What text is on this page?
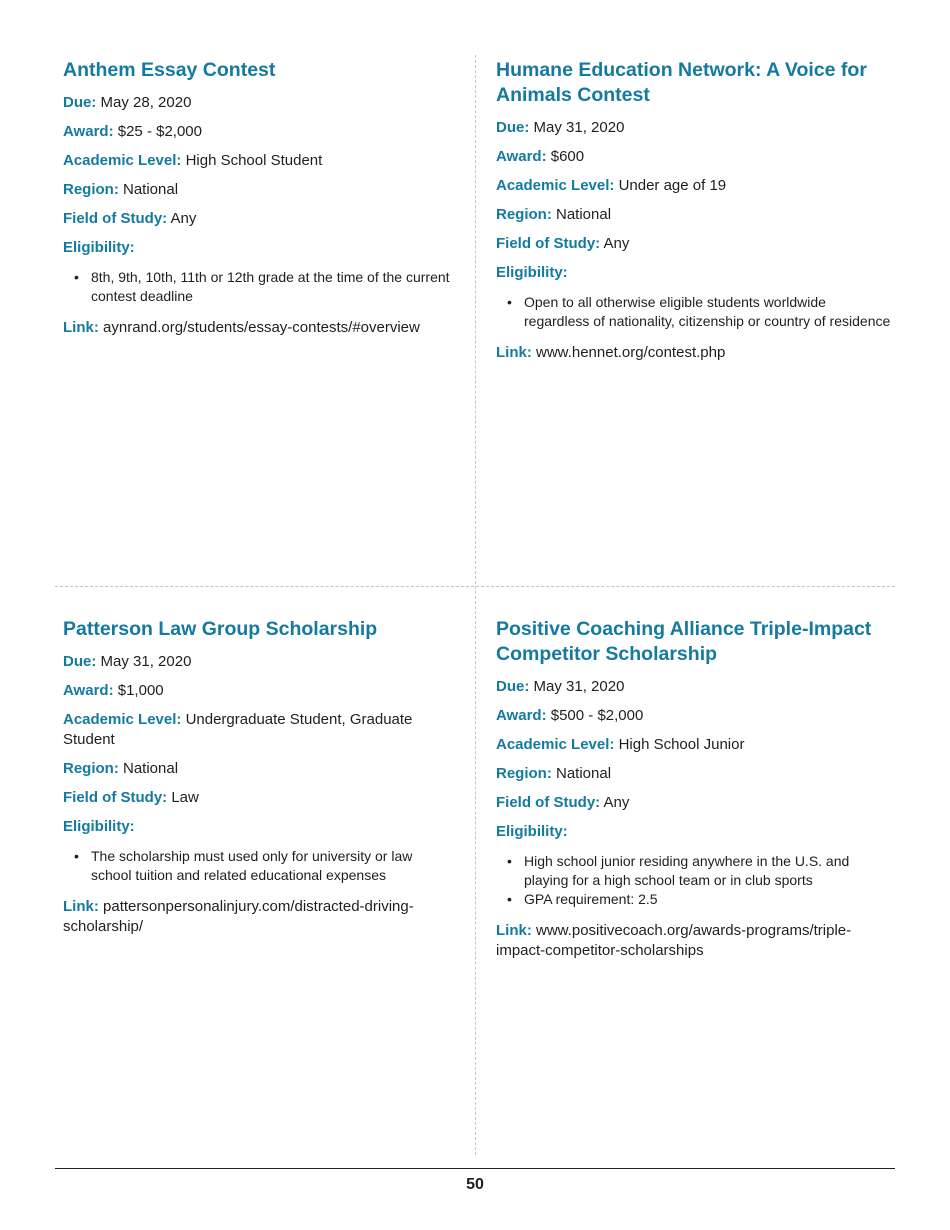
Anthem Essay Contest

Due: May 28, 2020

Award: $25 - $2,000

Academic Level: High School Student

Region: National

Field of Study: Any

Eligibility:

• 8th, 9th, 10th, 11th or 12th grade at the time of the current contest deadline

Link: aynrand.org/students/essay-contests/#overview

Humane Education Network: A Voice for Animals Contest

Due: May 31, 2020

Award: $600

Academic Level: Under age of 19

Region: National

Field of Study: Any

Eligibility:

• Open to all otherwise eligible students worldwide regardless of nationality, citizenship or country of residence

Link: www.hennet.org/contest.php

Patterson Law Group Scholarship

Due: May 31, 2020

Award: $1,000

Academic Level: Undergraduate Student, Graduate Student

Region: National

Field of Study: Law

Eligibility:

• The scholarship must used only for university or law school tuition and related educational expenses

Link: pattersonpersonalinjury.com/distracted-driving-scholarship/

Positive Coaching Alliance Triple-Impact Competitor Scholarship

Due: May 31, 2020

Award: $500 - $2,000

Academic Level: High School Junior

Region: National

Field of Study: Any

Eligibility:

• High school junior residing anywhere in the U.S. and playing for a high school team or in club sports
• GPA requirement: 2.5

Link: www.positivecoach.org/awards-programs/triple-impact-competitor-scholarships

50
